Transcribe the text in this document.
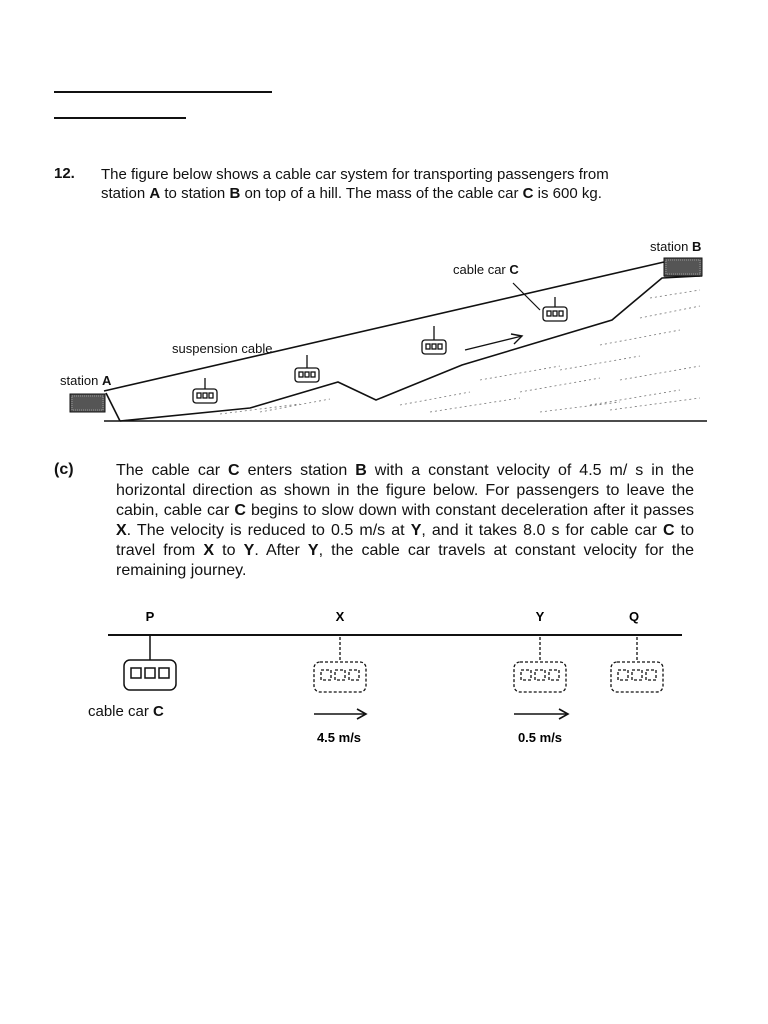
12. The figure below shows a cable car system for transporting passengers from
station A to station B on top of a hill. The mass of the cable car C is 600 kg.
station A
station B
cable car C
suspension cable
(c)	The cable car C enters station B with a constant velocity of 4.5 m/ s in the horizontal direction as shown in the figure below. For passengers to leave the cabin, cable car C begins to slow down with constant deceleration after it passes X. The velocity is reduced to 0.5 m/s at Y, and it takes 8.0 s for cable car C to travel from X to Y. After Y, the cable car travels at constant velocity for the remaining journey.
P	X	Y	Q
cable car C
4.5 m/s	0.5 m/s
